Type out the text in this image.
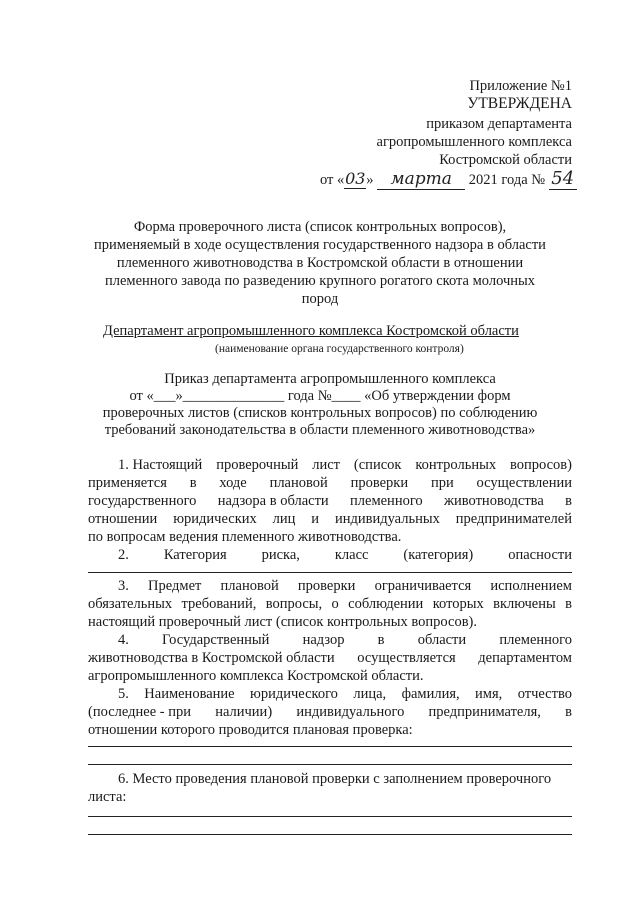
Приложение №1
УТВЕРЖДЕНА
приказом департамента
агропромышленного комплекса
Костромской области
от «03» марта 2021 года № 54
Форма проверочного листа (список контрольных вопросов),
применяемый в ходе осуществления государственного надзора в области
племенного животноводства в Костромской области в отношении
племенного завода по разведению крупного рогатого скота молочных
пород
Департамент агропромышленного комплекса Костромской области
(наименование органа государственного контроля)
Приказ департамента агропромышленного комплекса
от «___»______________ года №____ «Об утверждении форм
проверочных листов (списков контрольных вопросов) по соблюдению
требований законодательства в области племенного животноводства»
1. Настоящий проверочный лист (список контрольных вопросов)
применяется в ходе плановой проверки при осуществлении
государственного надзора в области племенного животноводства в
отношении юридических лиц и индивидуальных предпринимателей
по вопросам ведения племенного животноводства.
2. Категория риска, класс (категория) опасности
3. Предмет плановой проверки ограничивается исполнением
обязательных требований, вопросы, о соблюдении которых включены в
настоящий проверочный лист (список контрольных вопросов).
4. Государственный надзор в области племенного
животноводства в Костромской области осуществляется департаментом
агропромышленного комплекса Костромской области.
5. Наименование юридического лица, фамилия, имя, отчество
(последнее - при наличии) индивидуального предпринимателя, в
отношении которого проводится плановая проверка:
6. Место проведения плановой проверки с заполнением проверочного
листа:
